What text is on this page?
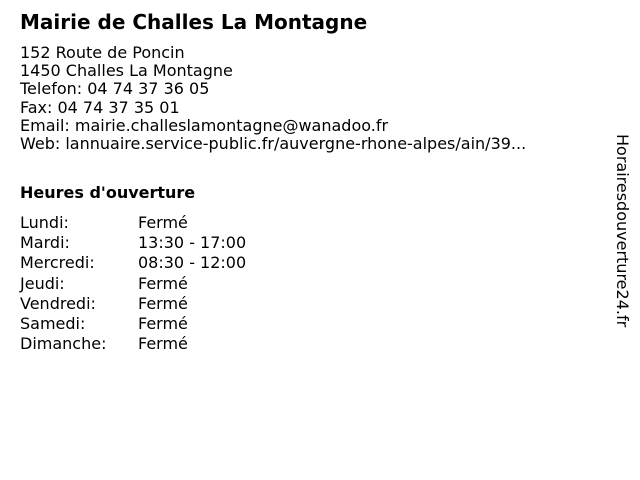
Mairie de Challes La Montagne
152 Route de Poncin
1450 Challes La Montagne
Telefon: 04 74 37 36 05
Fax: 04 74 37 35 01
Email: mairie.challeslamontagne@wanadoo.fr
Web: lannuaire.service-public.fr/auvergne-rhone-alpes/ain/39...
Heures d'ouverture
Lundi:	Fermé
Mardi:	13:30 - 17:00
Mercredi:	08:30 - 12:00
Jeudi:	Fermé
Vendredi:	Fermé
Samedi:	Fermé
Dimanche:	Fermé
Horairesdouverture24.fr
